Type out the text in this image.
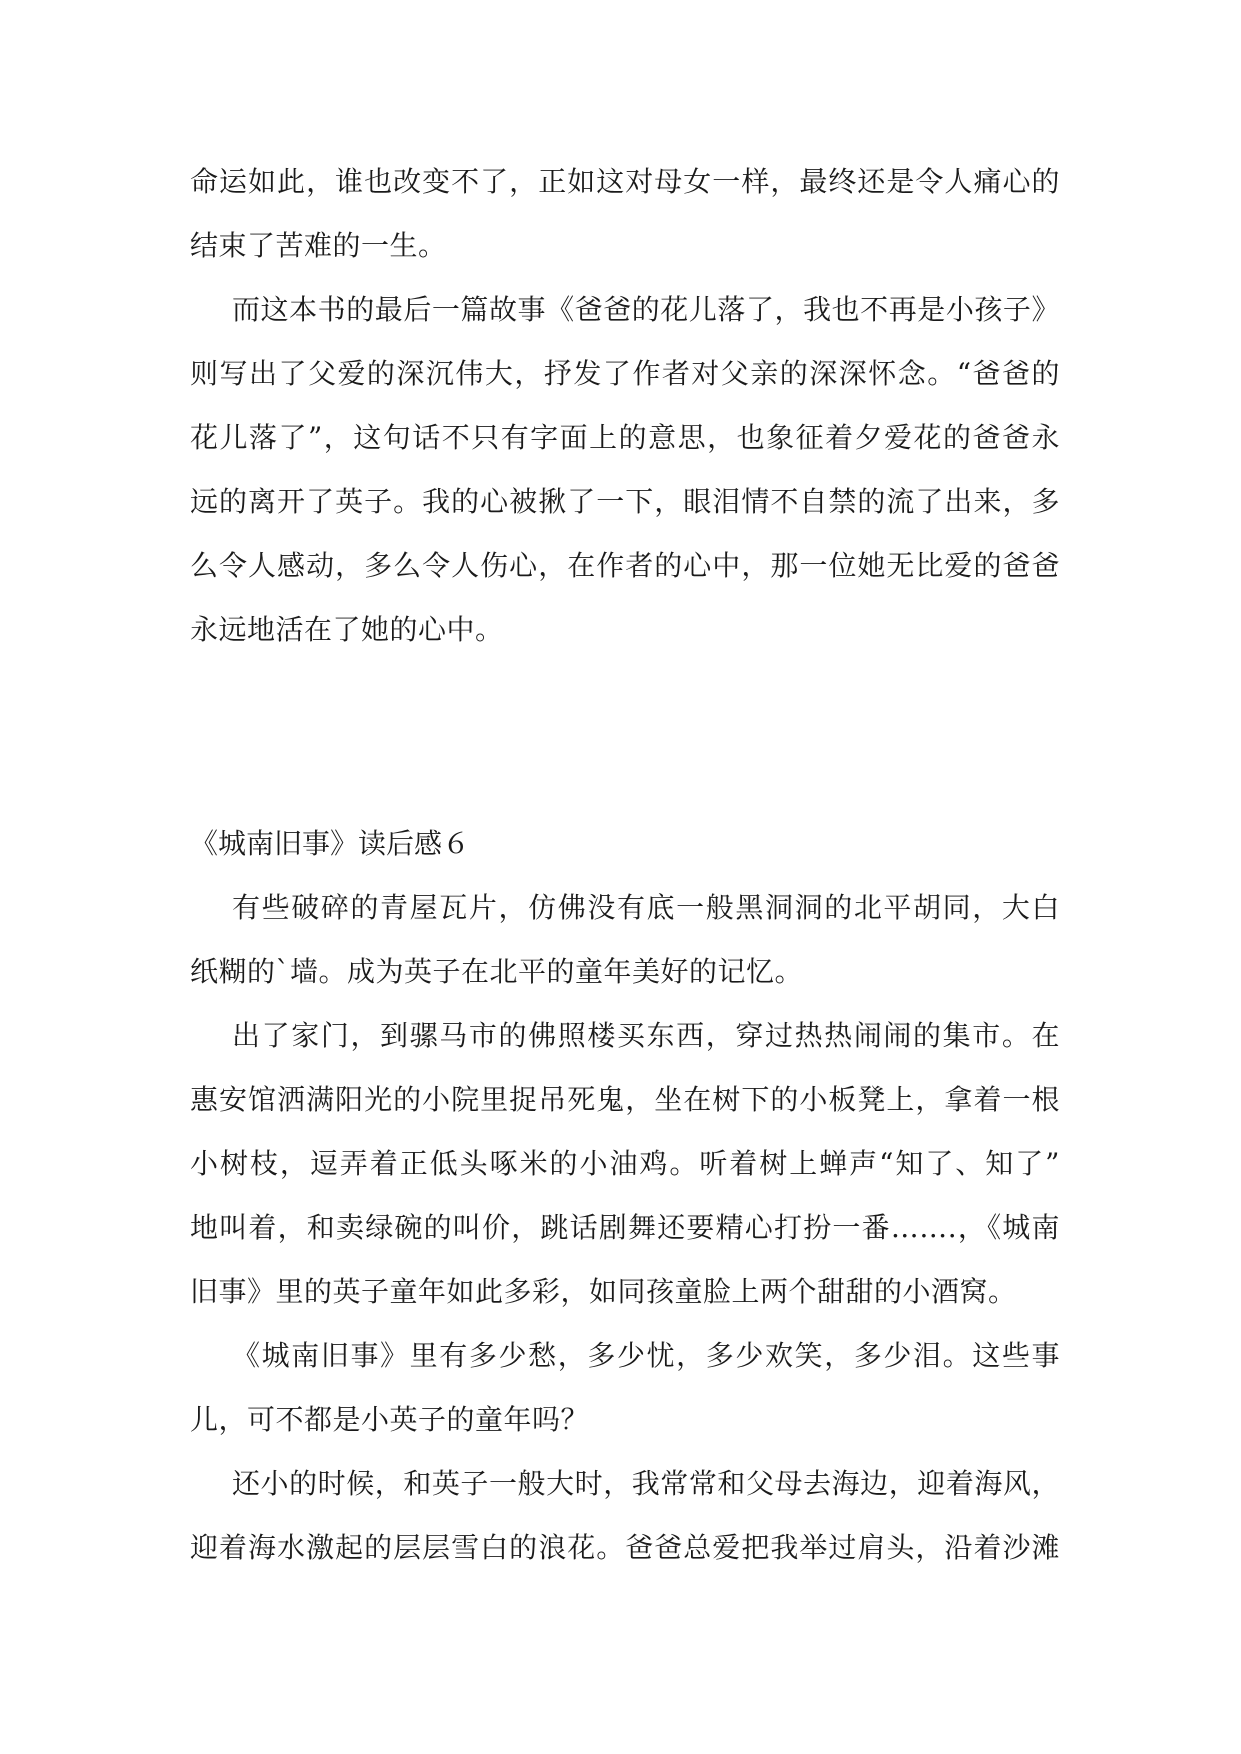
命运如此，谁也改变不了，正如这对母女一样，最终还是令人痛心的
结束了苦难的一生。
而这本书的最后一篇故事《爸爸的花儿落了，我也不再是小孩子》
则写出了父爱的深沉伟大，抒发了作者对父亲的深深怀念。“爸爸的
花儿落了”，这句话不只有字面上的意思，也象征着夕爱花的爸爸永
远的离开了英子。我的心被揪了一下，眼泪情不自禁的流了出来，多
么令人感动，多么令人伤心，在作者的心中，那一位她无比爱的爸爸
永远地活在了她的心中。
《城南旧事》读后感６
有些破碎的青屋瓦片，仿佛没有底一般黑洞洞的北平胡同，大白
纸糊的`墙。成为英子在北平的童年美好的记忆。
出了家门，到骡马市的佛照楼买东西，穿过热热闹闹的集市。在
惠安馆洒满阳光的小院里捉吊死鬼，坐在树下的小板凳上，拿着一根
小树枝，逗弄着正低头啄米的小油鸡。听着树上蝉声“知了、知了”
地叫着，和卖绿碗的叫价，跳话剧舞还要精心打扮一番…….，《城南
旧事》里的英子童年如此多彩，如同孩童脸上两个甜甜的小酒窝。
《城南旧事》里有多少愁，多少忧，多少欢笑，多少泪。这些事
儿，可不都是小英子的童年吗？
还小的时候，和英子一般大时，我常常和父母去海边，迎着海风，
迎着海水激起的层层雪白的浪花。爸爸总爱把我举过肩头，沿着沙滩
